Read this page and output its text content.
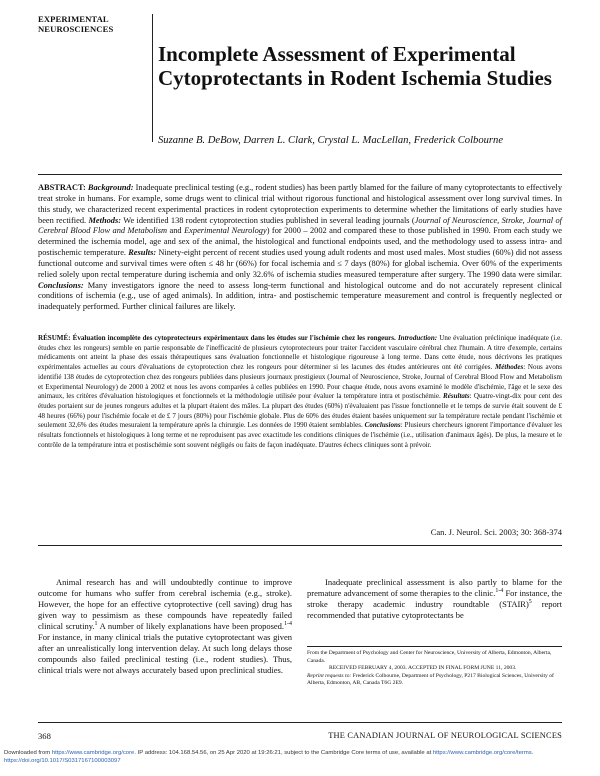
EXPERIMENTAL
NEUROSCIENCES
Incomplete Assessment of Experimental Cytoprotectants in Rodent Ischemia Studies
Suzanne B. DeBow, Darren L. Clark, Crystal L. MacLellan, Frederick Colbourne
ABSTRACT: Background: Inadequate preclinical testing (e.g., rodent studies) has been partly blamed for the failure of many cytoprotectants to effectively treat stroke in humans. For example, some drugs went to clinical trial without rigorous functional and histological assessment over long survival times. In this study, we characterized recent experimental practices in rodent cytoprotection experiments to determine whether the limitations of early studies have been rectified. Methods: We identified 138 rodent cytoprotection studies published in several leading journals (Journal of Neuroscience, Stroke, Journal of Cerebral Blood Flow and Metabolism and Experimental Neurology) for 2000 – 2002 and compared these to those published in 1990. From each study we determined the ischemia model, age and sex of the animal, the histological and functional endpoints used, and the methodology used to assess intra- and postischemic temperature. Results: Ninety-eight percent of recent studies used young adult rodents and most used males. Most studies (60%) did not assess functional outcome and survival times were often ≤ 48 hr (66%) for focal ischemia and ≤ 7 days (80%) for global ischemia. Over 60% of the experiments relied solely upon rectal temperature during ischemia and only 32.6% of ischemia studies measured temperature after surgery. The 1990 data were similar. Conclusions: Many investigators ignore the need to assess long-term functional and histological outcome and do not accurately represent clinical conditions of ischemia (e.g., use of aged animals). In addition, intra- and postischemic temperature measurement and control is frequently neglected or inadequately performed. Further clinical failures are likely.
RÉSUMÉ: Évaluation incomplète des cytoprotecteurs expérimentaux dans les études sur l'ischémie chez les rongeurs. Introduction: Une évaluation préclinique inadéquate (i.e. études chez les rongeurs) semble en partie responsable de l'inefficacité de plusieurs cytoprotecteurs pour traiter l'accident vasculaire cérébral chez l'humain. A titre d'exemple, certains médicaments ont atteint la phase des essais thérapeutiques sans évaluation fonctionnelle et histologique rigoureuse à long terme. Dans cette étude, nous décrivons les pratiques expérimentales actuelles au cours d'évaluations de cytoprotection chez les rongeurs pour déterminer si les lacunes des études antérieures ont été corrigées. Méthodes: Nous avons identifié 138 études de cytoprotection chez des rongeurs publiées dans plusieurs journaux prestigieux (Journal of Neuroscience, Stroke, Journal of Cerebral Blood Flow and Metabolism et Experimental Neurology) de 2000 à 2002 et nous les avons comparées à celles publiées en 1990. Pour chaque étude, nous avons examiné le modèle d'ischémie, l'âge et le sexe des animaux, les critères d'évaluation histologiques et fonctionnels et la méthodologie utilisée pour évaluer la température intra et postischémie. Résultats: Quatre-vingt-dix pour cent des études portaient sur de jeunes rongeurs adultes et la plupart étaient des mâles. La plupart des études (60%) n'évaluaient pas l'issue fonctionnelle et le temps de survie était souvent de £ 48 heures (66%) pour l'ischémie focale et de £ 7 jours (80%) pour l'ischémie globale. Plus de 60% des études étaient basées uniquement sur la température rectale pendant l'ischémie et seulement 32,6% des études mesuraient la température après la chirurgie. Les données de 1990 étaient semblables. Conclusions: Plusieurs chercheurs ignorent l'importance d'évaluer les résultats fonctionnels et histologiques à long terme et ne reproduisent pas avec exactitude les conditions cliniques de l'ischémie (i.e., utilisation d'animaux âgés). De plus, la mesure et le contrôle de la température intra et postischémie sont souvent négligés ou faits de façon inadéquate. D'autres échecs cliniques sont à prévoir.
Can. J. Neurol. Sci. 2003; 30: 368-374
Animal research has and will undoubtedly continue to improve outcome for humans who suffer from cerebral ischemia (e.g., stroke). However, the hope for an effective cytoprotective (cell saving) drug has given way to pessimism as these compounds have repeatedly failed clinical scrutiny.$^1$ A number of likely explanations have been proposed.$^{1-4}$ For instance, in many clinical trials the putative cytoprotectant was given after an unrealistically long intervention delay. At such long delays those compounds also failed preclinical testing (i.e., rodent studies). Thus, clinical trials were not always accurately based upon preclinical studies.
Inadequate preclinical assessment is also partly to blame for the premature advancement of some therapies to the clinic.$^{1-4}$ For instance, the stroke therapy academic industry roundtable (STAIR)$^5$ report recommended that putative cytoprotectants be
From the Department of Psychology and Center for Neuroscience, University of Alberta, Edmonton, Alberta, Canada.
RECEIVED FEBRUARY 4, 2003. ACCEPTED IN FINAL FORM JUNE 11, 2003.
Reprint requests to: Frederick Colbourne, Department of Psychology, P217 Biological Sciences, University of Alberta, Edmonton, AB, Canada T6G 2E9.
368	THE CANADIAN JOURNAL OF NEUROLOGICAL SCIENCES
Downloaded from https://www.cambridge.org/core. IP address: 104.168.54.56, on 25 Apr 2020 at 19:26:21, subject to the Cambridge Core terms of use, available at https://www.cambridge.org/core/terms. https://doi.org/10.1017/S0317167100003097
